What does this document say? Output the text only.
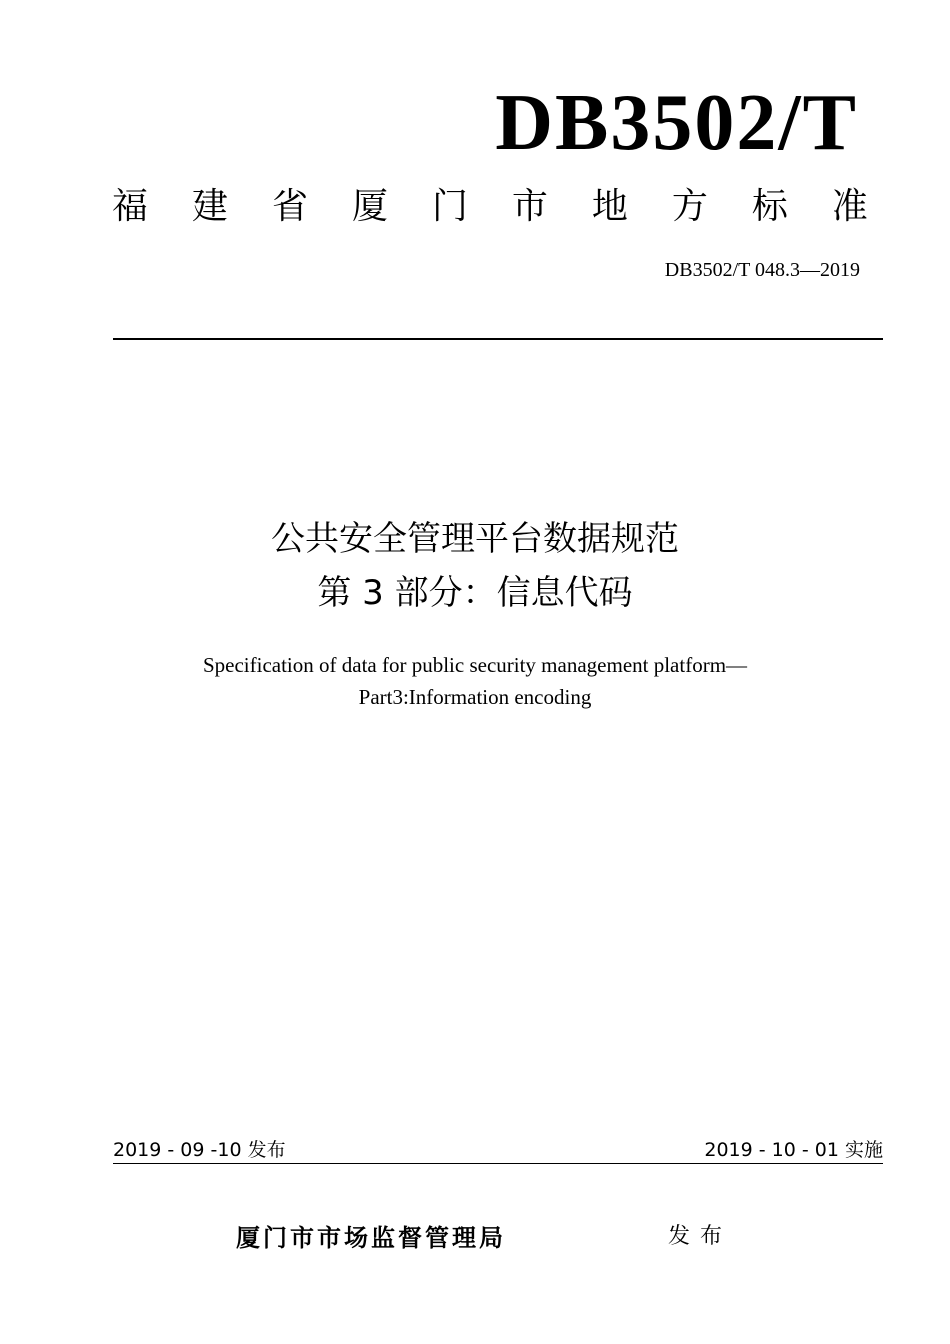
DB3502/T
福 建 省 厦 门 市 地 方 标 准
DB3502/T 048.3—2019
公共安全管理平台数据规范
第 3 部分：信息代码
Specification of data for public security management platform—
Part3:Information encoding
2019 - 09 -10 发布	2019 - 10 - 01 实施
厦门市市场监督管理局	发布
